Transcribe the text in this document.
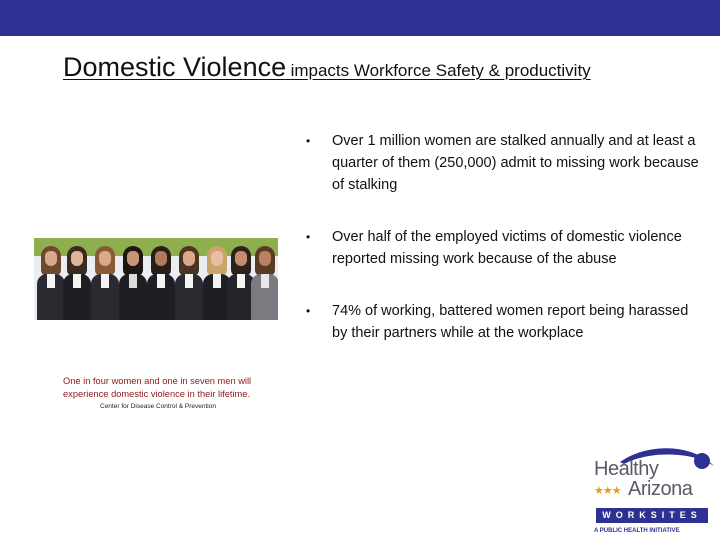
Domestic Violence impacts Workforce Safety & productivity
One in four women and one in seven men will experience domestic violence in their lifetime.
Center for Disease Control & Prevention
• Over 1 million women are stalked annually and at least a quarter of them (250,000) admit to missing work because of stalking
• Over half of the employed victims of domestic violence reported missing work because of the abuse
• 74% of working, battered women report being harassed by their partners while at the workplace
Healthy
★★★ Arizona
WORKSITES
A PUBLIC HEALTH INITIATIVE
